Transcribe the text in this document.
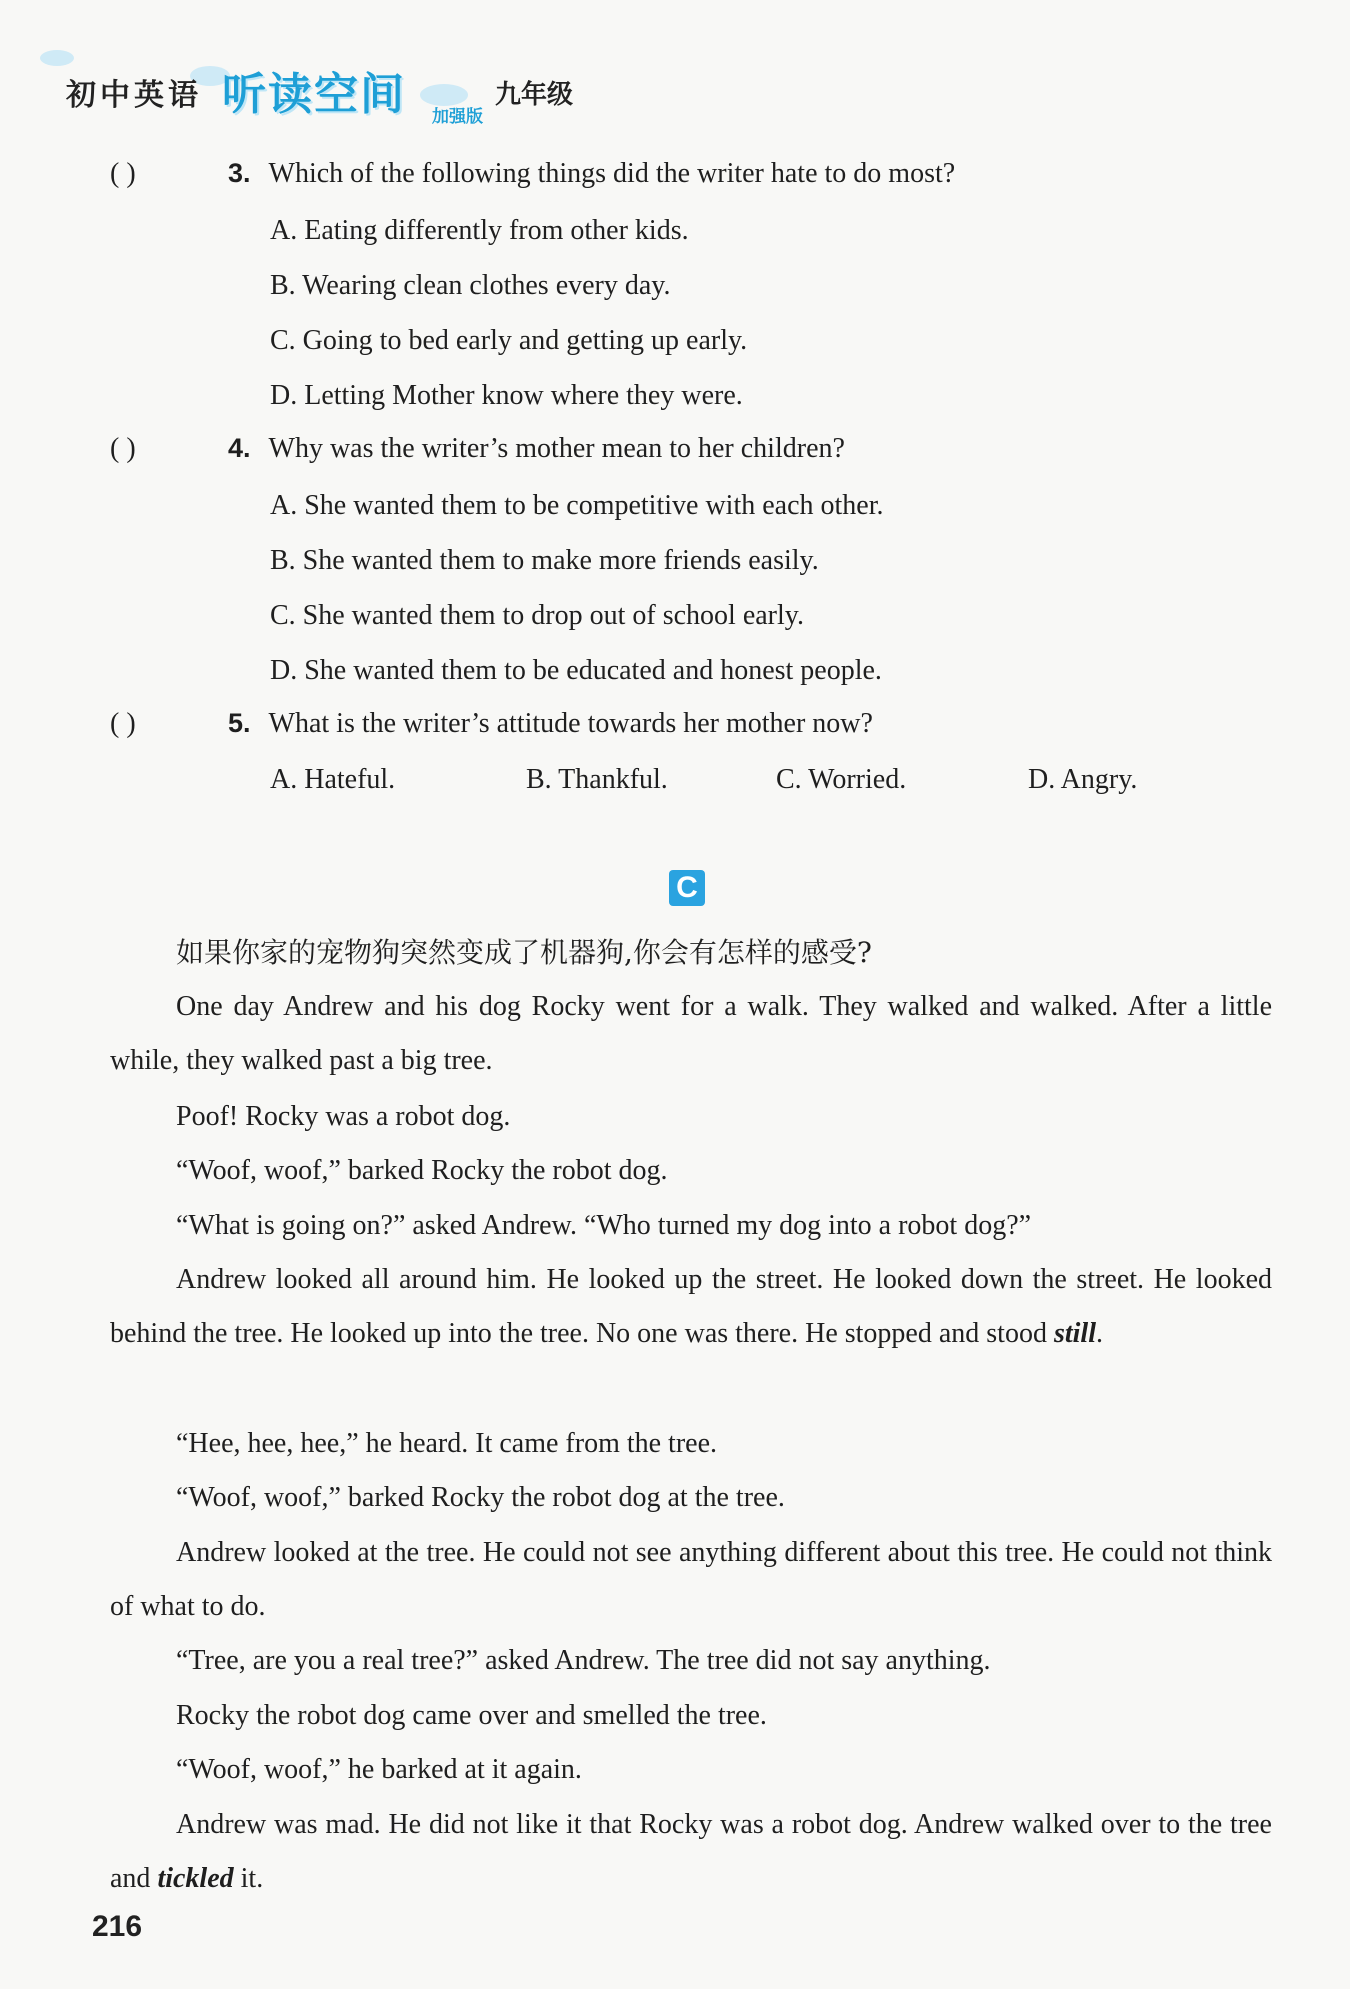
初中英语 听读空间 加强版
九年级
( )	3. Which of the following things did the writer hate to do most?
A. Eating differently from other kids.
B. Wearing clean clothes every day.
C. Going to bed early and getting up early.
D. Letting Mother know where they were.
( )	4. Why was the writer’s mother mean to her children?
A. She wanted them to be competitive with each other.
B. She wanted them to make more friends easily.
C. She wanted them to drop out of school early.
D. She wanted them to be educated and honest people.
( )	5. What is the writer’s attitude towards her mother now?
A. Hateful.	B. Thankful.	C. Worried.	D. Angry.
C
如果你家的宠物狗突然变成了机器狗,你会有怎样的感受?
One day Andrew and his dog Rocky went for a walk. They walked and walked. After a little while, they walked past a big tree.
Poof! Rocky was a robot dog.
“Woof, woof,” barked Rocky the robot dog.
“What is going on?” asked Andrew. “Who turned my dog into a robot dog?”
Andrew looked all around him. He looked up the street. He looked down the street. He looked behind the tree. He looked up into the tree. No one was there. He stopped and stood still.
“Hee, hee, hee,” he heard. It came from the tree.
“Woof, woof,” barked Rocky the robot dog at the tree.
Andrew looked at the tree. He could not see anything different about this tree. He could not think of what to do.
“Tree, are you a real tree?” asked Andrew. The tree did not say anything.
Rocky the robot dog came over and smelled the tree.
“Woof, woof,” he barked at it again.
Andrew was mad. He did not like it that Rocky was a robot dog. Andrew walked over to the tree and tickled it.
216
